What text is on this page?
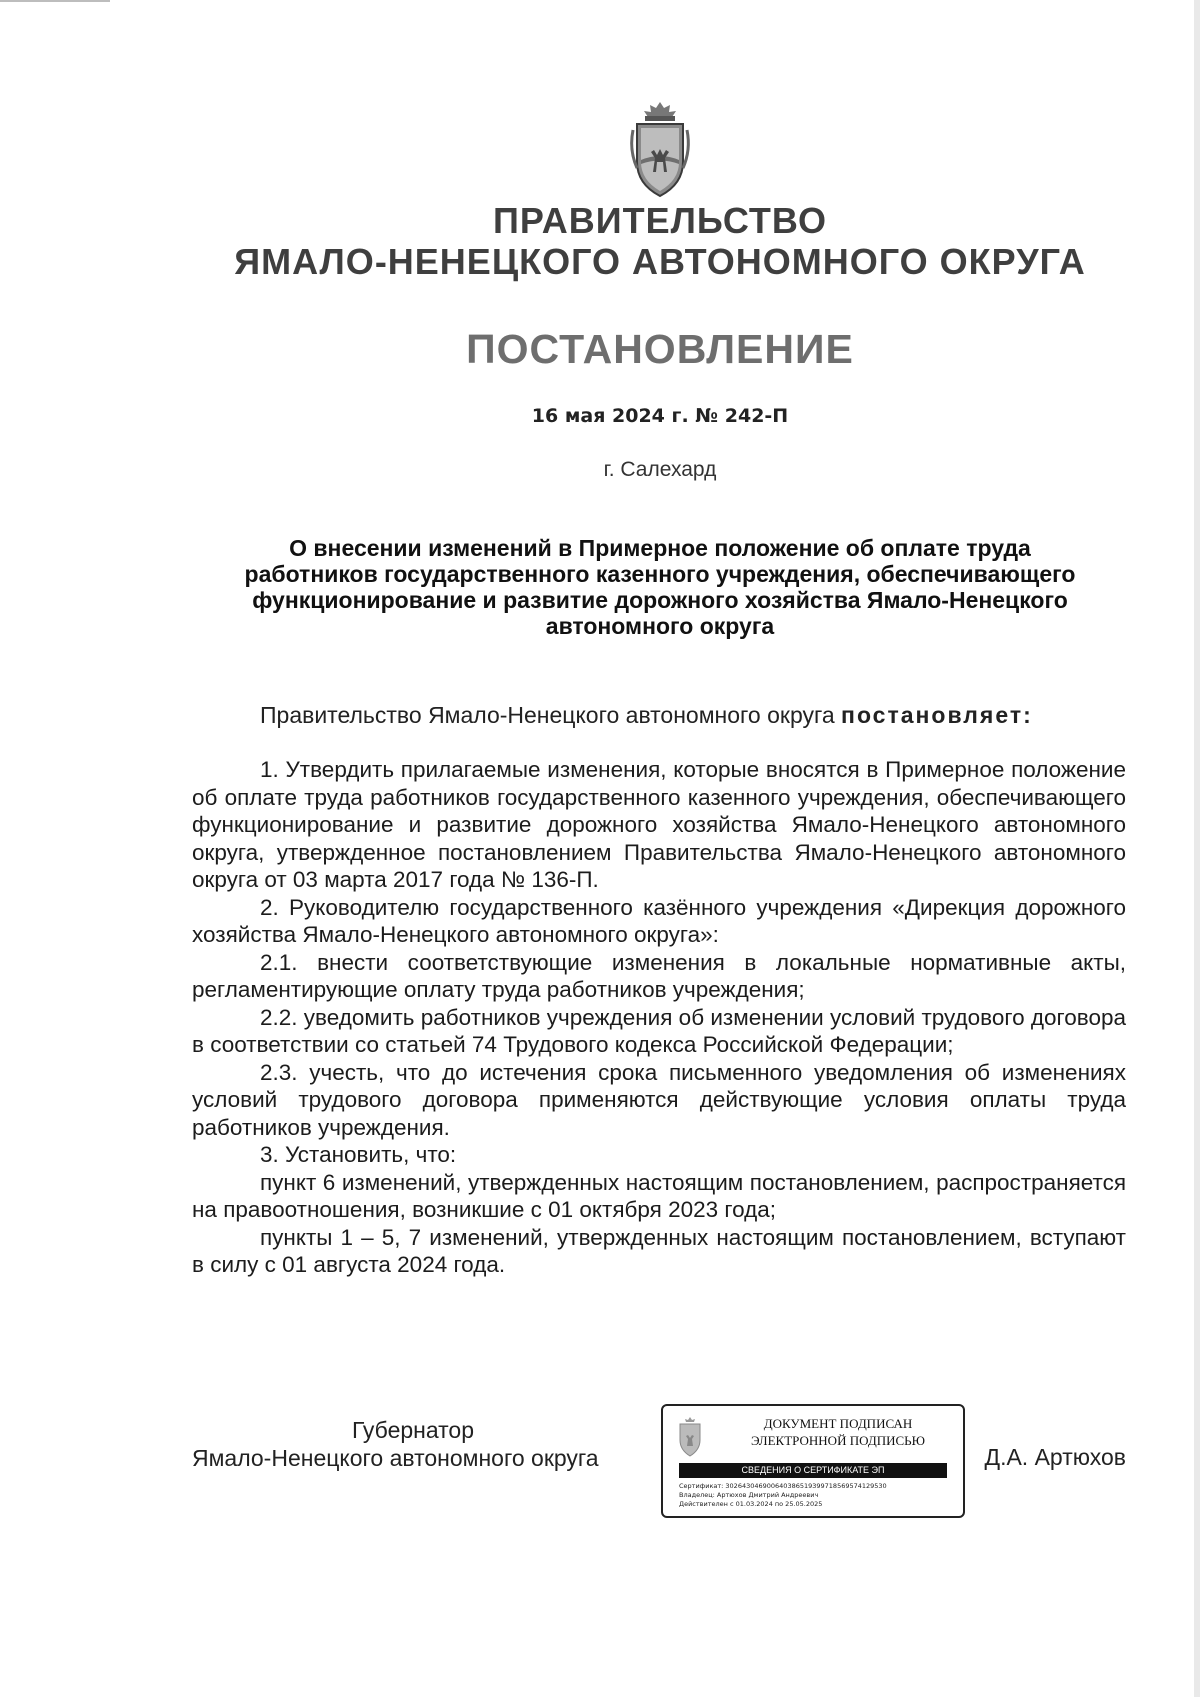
ПРАВИТЕЛЬСТВО
ЯМАЛО-НЕНЕЦКОГО АВТОНОМНОГО ОКРУГА
ПОСТАНОВЛЕНИЕ
16 мая 2024 г. № 242-П
г. Салехард
О внесении изменений в Примерное положение об оплате труда
работников государственного казенного учреждения, обеспечивающего
функционирование и развитие дорожного хозяйства Ямало-Ненецкого
автономного округа
Правительство Ямало-Ненецкого автономного округа постановляет:

1. Утвердить прилагаемые изменения, которые вносятся в Примерное положение об оплате труда работников государственного казенного учреждения, обеспечивающего функционирование и развитие дорожного хозяйства Ямало-Ненецкого автономного округа, утвержденное постановлением Правительства Ямало-Ненецкого автономного округа от 03 марта 2017 года № 136-П.

2. Руководителю государственного казённого учреждения «Дирекция дорожного хозяйства Ямало-Ненецкого автономного округа»:

2.1. внести соответствующие изменения в локальные нормативные акты, регламентирующие оплату труда работников учреждения;

2.2. уведомить работников учреждения об изменении условий трудового договора в соответствии со статьей 74 Трудового кодекса Российской Федерации;

2.3. учесть, что до истечения срока письменного уведомления об изменениях условий трудового договора применяются действующие условия оплаты труда работников учреждения.

3. Установить, что:

пункт 6 изменений, утвержденных настоящим постановлением, распространяется на правоотношения, возникшие с 01 октября 2023 года;

пункты 1 – 5, 7 изменений, утвержденных настоящим постановлением, вступают в силу с 01 августа 2024 года.

Губернатор
Ямало-Ненецкого автономного округа
ДОКУМЕНТ ПОДПИСАН
ЭЛЕКТРОННОЙ ПОДПИСЬЮ
СВЕДЕНИЯ О СЕРТИФИКАТЕ ЭП
Сертификат: 302643046900640386519399718569574129530
Владелец: Артюхов Дмитрий Андреевич
Действителен с 01.03.2024 по 25.05.2025
Д.А. Артюхов
